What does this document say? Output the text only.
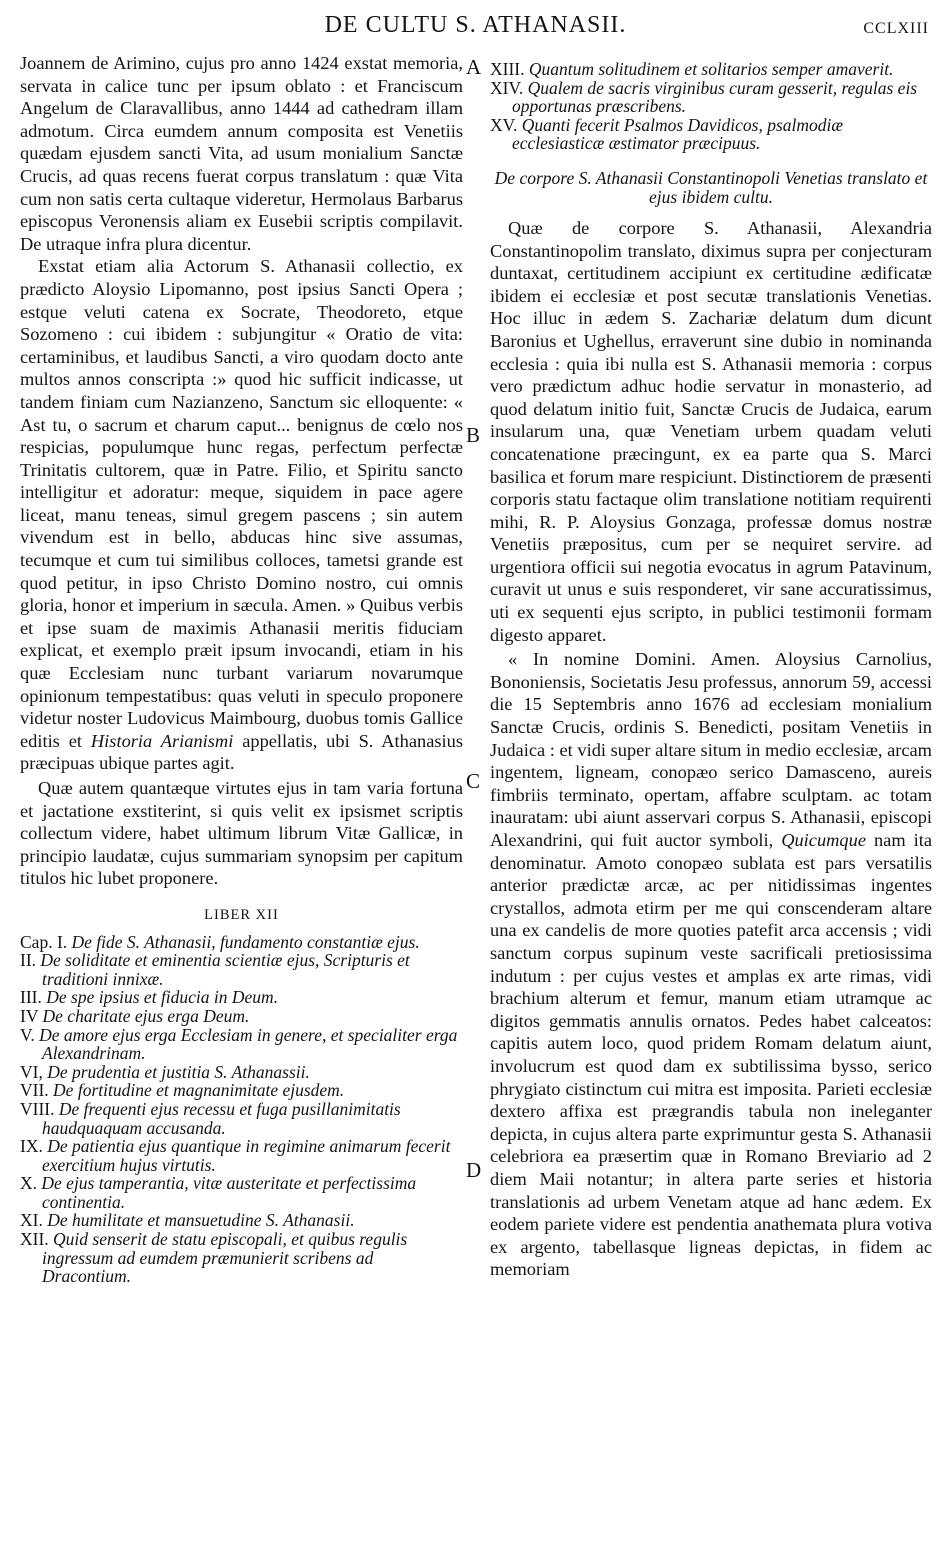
DE CULTU S. ATHANASII.	CCLXIII
A
B
C
D

Joannem de Arimino, cujus pro anno 1424 exstat memoria, servata in calice tunc per ipsum oblato : et Franciscum Angelum de Claravallibus, anno 1444 ad cathedram illam admotum. Circa eumdem annum composita est Venetiis quædam ejusdem sancti Vita, ad usum monialium Sanctæ Crucis, ad quas recens fuerat corpus translatum : quæ Vita cum non satis certa cultaque videretur, Hermolaus Barbarus episcopus Veronensis aliam ex Eusebii scriptis compilavit. De utraque infra plura dicentur.

Exstat etiam alia Actorum S. Athanasii collectio, ex prædicto Aloysio Lipomanno, post ipsius Sancti Opera ; estque veluti catena ex Socrate, Theodoreto, etque Sozomeno : cui ibidem : subjungitur « Oratio de vita: certaminibus, et laudibus Sancti, a viro quodam docto ante multos annos conscripta :» quod hic sufficit indicasse, ut tandem finiam cum Nazianzeno, Sanctum sic elloquente: « Ast tu, o sacrum et charum caput... benignus de cœlo nos respicias, populumque hunc regas, perfectum perfectæ Trinitatis cultorem, quæ in Patre. Filio, et Spiritu sancto intelligitur et adoratur: meque, siquidem in pace agere liceat, manu teneas, simul gregem pascens ; sin autem vivendum est in bello, abducas hinc sive assumas, tecumque et cum tui similibus colloces, tametsi grande est quod petitur, in ipso Christo Domino nostro, cui omnis gloria, honor et imperium in sæcula. Amen. » Quibus verbis et ipse suam de maximis Athanasii meritis fiduciam explicat, et exemplo præit ipsum invocandi, etiam in his quæ Ecclesiam nunc turbant variarum novarumque opinionum tempestatibus: quas veluti in speculo proponere videtur noster Ludovicus Maimbourg, duobus tomis Gallice editis et Historia Arianismi appellatis, ubi S. Athanasius præcipuas ubique partes agit.

Quæ autem quantæque virtutes ejus in tam varia fortuna et jactatione exstiterint, si quis velit ex ipsismet scriptis collectum videre, habet ultimum librum Vitæ Gallicæ, in principio laudatæ, cujus summariam synopsim per capitum titulos hic lubet proponere.

LIBER XII
Cap. I. De fide S. Athanasii, fundamento constantiæ ejus.
II. De soliditate et eminentia scientiæ ejus, Scripturis et traditioni innixæ.
III. De spe ipsius et fiducia in Deum.
IV De charitate ejus erga Deum.
V. De amore ejus erga Ecclesiam in genere, et specialiter erga Alexandrinam.
VI, De prudentia et justitia S. Athanassii.
VII. De fortitudine et magnanimitate ejusdem.
VIII. De frequenti ejus recessu et fuga pusillanimitatis haudquaquam accusanda.
IX. De patientia ejus quantique in regimine animarum fecerit exercitium hujus virtutis.
X. De ejus tamperantia, vitæ austeritate et perfectissima continentia.
XI. De humilitate et mansuetudine S. Athanasii.
XII. Quid senserit de statu episcopali, et quibus regulis ingressum ad eumdem præmunierit scribens ad Dracontium.
XIII. Quantum solitudinem et solitarios semper amaverit.
XIV. Qualem de sacris virginibus curam gesserit, regulas eis opportunas præscribens.
XV. Quanti fecerit Psalmos Davidicos, psalmodiæ ecclesiasticæ æstimator præcipuus.
De corpore S. Athanasii Constantinopoli Venetias translato et ejus ibidem cultu.

Quæ de corpore S. Athanasii, Alexandria Constantinopolim translato, diximus supra per conjecturam duntaxat, certitudinem accipiunt ex certitudine ædificatæ ibidem ei ecclesiæ et post secutæ translationis Venetias. Hoc illuc in ædem S. Zachariæ delatum dum dicunt Baronius et Ughellus, erraverunt sine dubio in nominanda ecclesia : quia ibi nulla est S. Athanasii memoria : corpus vero prædictum adhuc hodie servatur in monasterio, ad quod delatum initio fuit, Sanctæ Crucis de Judaica, earum insularum una, quæ Venetiam urbem quadam veluti concatenatione præcingunt, ex ea parte qua S. Marci basilica et forum mare respiciunt. Distinctiorem de præsenti corporis statu factaque olim translatione notitiam requirenti mihi, R. P. Aloysius Gonzaga, professæ domus nostræ Venetiis præpositus, cum per se nequiret servire. ad urgentiora officii sui negotia evocatus in agrum Patavinum, curavit ut unus e suis responderet, vir sane accuratissimus, uti ex sequenti ejus scripto, in publici testimonii formam digesto apparet.

« In nomine Domini. Amen. Aloysius Carnolius, Bononiensis, Societatis Jesu professus, annorum 59, accessi die 15 Septembris anno 1676 ad ecclesiam monialium Sanctæ Crucis, ordinis S. Benedicti, positam Venetiis in Judaica : et vidi super altare situm in medio ecclesiæ, arcam ingentem, ligneam, conopæo serico Damasceno, aureis fimbriis terminato, opertam, affabre sculptam. ac totam inauratam: ubi aiunt asservari corpus S. Athanasii, episcopi Alexandrini, qui fuit auctor symboli, Quicumque nam ita denominatur. Amoto conopæo sublata est pars versatilis anterior prædictæ arcæ, ac per nitidissimas ingentes crystallos, admota etirm per me qui conscenderam altare una ex candelis de more quoties patefit arca accensis ; vidi sanctum corpus supinum veste sacrificali pretiosissima indutum : per cujus vestes et amplas ex arte rimas, vidi brachium alterum et femur, manum etiam utramque ac digitos gemmatis annulis ornatos. Pedes habet calceatos: capitis autem loco, quod pridem Romam delatum aiunt, involucrum est quod dam ex subtilissima bysso, serico phrygiato cistinctum cui mitra est imposita. Parieti ecclesiæ dextero affixa est prægrandis tabula non ineleganter depicta, in cujus altera parte exprimuntur gesta S. Athanasii celebriora ea præsertim quæ in Romano Breviario ad 2 diem Maii notantur; in altera parte series et historia translationis ad urbem Venetam atque ad hanc ædem. Ex eodem pariete videre est pendentia anathemata plura votiva ex argento, tabellasque ligneas depictas, in fidem ac memoriam
